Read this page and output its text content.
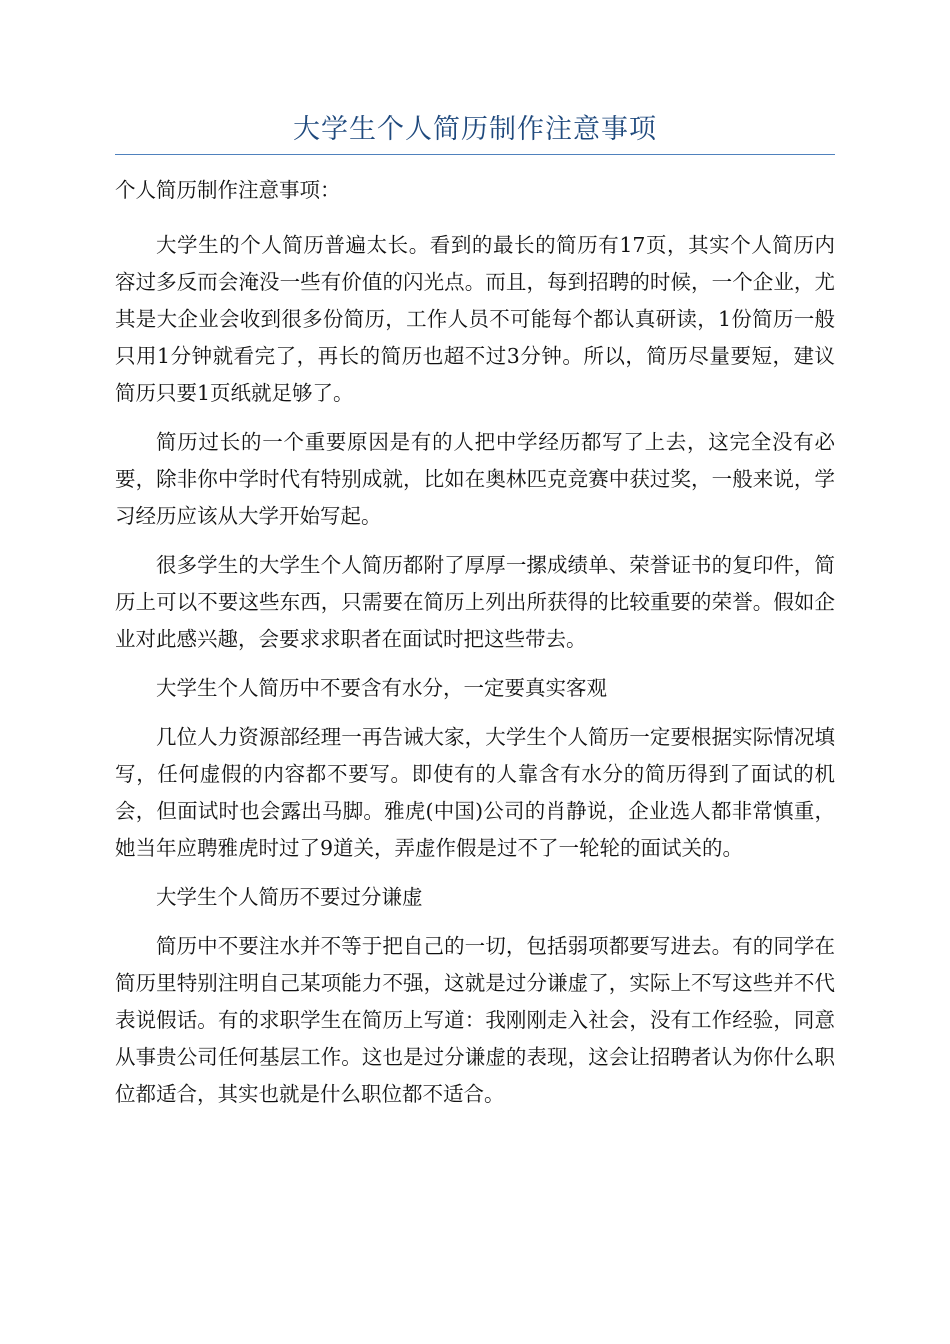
大学生个人简历制作注意事项

个人简历制作注意事项：

大学生的个人简历普遍太长。看到的最长的简历有17页，其实个人简历内容过多反而会淹没一些有价值的闪光点。而且，每到招聘的时候，一个企业，尤其是大企业会收到很多份简历，工作人员不可能每个都认真研读，1份简历一般只用1分钟就看完了，再长的简历也超不过3分钟。所以，简历尽量要短，建议简历只要1页纸就足够了。

简历过长的一个重要原因是有的人把中学经历都写了上去，这完全没有必要，除非你中学时代有特别成就，比如在奥林匹克竞赛中获过奖，一般来说，学习经历应该从大学开始写起。

很多学生的大学生个人简历都附了厚厚一摞成绩单、荣誉证书的复印件，简历上可以不要这些东西，只需要在简历上列出所获得的比较重要的荣誉。假如企业对此感兴趣，会要求求职者在面试时把这些带去。

大学生个人简历中不要含有水分，一定要真实客观

几位人力资源部经理一再告诫大家，大学生个人简历一定要根据实际情况填写，任何虚假的内容都不要写。即使有的人靠含有水分的简历得到了面试的机会，但面试时也会露出马脚。雅虎(中国)公司的肖静说，企业选人都非常慎重，她当年应聘雅虎时过了9道关，弄虚作假是过不了一轮轮的面试关的。

大学生个人简历不要过分谦虚

简历中不要注水并不等于把自己的一切，包括弱项都要写进去。有的同学在简历里特别注明自己某项能力不强，这就是过分谦虚了，实际上不写这些并不代表说假话。有的求职学生在简历上写道：我刚刚走入社会，没有工作经验，同意从事贵公司任何基层工作。这也是过分谦虚的表现，这会让招聘者认为你什么职位都适合，其实也就是什么职位都不适合。
